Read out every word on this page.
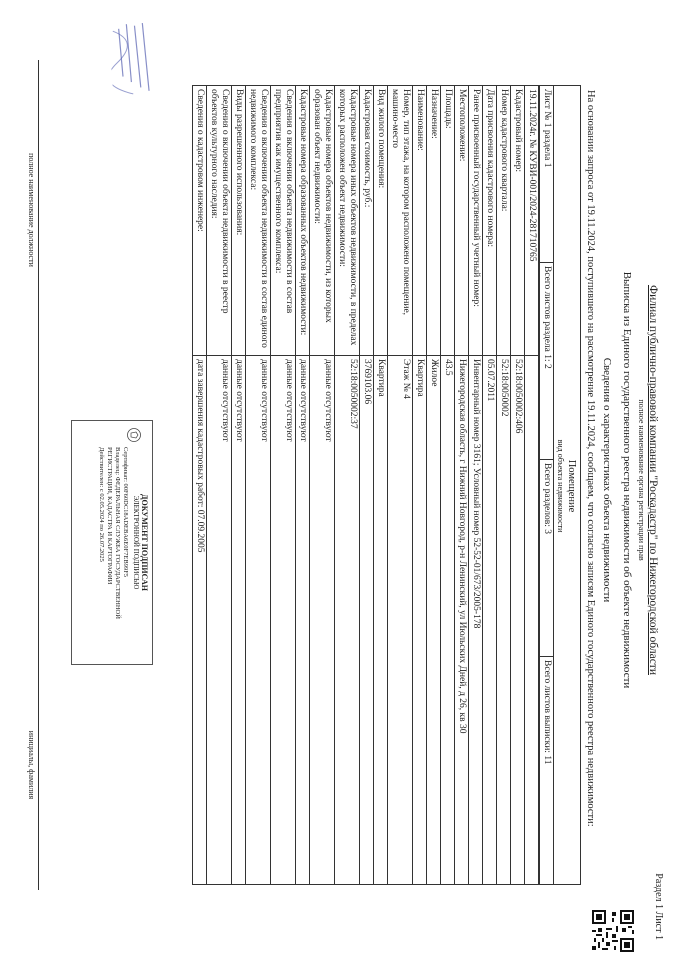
Раздел 1 Лист 1
Филиал публично-правовой компании "Роскадастр" по Нижегородской области
полное наименование органа регистрации прав
Выписка из Единого государственного реестра недвижимости об объекте недвижимости
Сведения о характеристиках объекта недвижимости
На основании запроса от 19.11.2024, поступившего на рассмотрение 19.11.2024, сообщаем, что согласно записям Единого государственного реестра недвижимости:
Помещение
вид объекта недвижимости
Лист № 1 раздела 1	Всего листов раздела 1: 2	Всего разделов: 3	Всего листов выписки: 11
19.11.2024г. № КУВИ-001/2024-281710765	
Кадастровый номер:	52:18:0050002:406
Номер кадастрового квартала:	52:18:0050002
Дата присвоения кадастрового номера:	05.07.2011
Ранее присвоенный государственный учетный номер:	Инвентарный номер 3161; Условный номер 52-52-01/673/2005-178
Местоположение:	Нижегородская область, г Нижний Новгород, р-н Ленинский, ул Июльских Дней, д 26, кв 30
Площадь:	43.5
Назначение:	Жилое
Наименование:	Квартира
Номер, тип этажа, на котором расположено помещение, машино-место	Этаж № 4
Вид жилого помещения:	Квартира
Кадастровая стоимость, руб.:	3769103.06
Кадастровые номера иных объектов недвижимости, в пределах которых расположен объект недвижимости:	52:18:0050002:37
Кадастровые номера объектов недвижимости, из которых образован объект недвижимости:	данные отсутствуют
Кадастровые номера образованных объектов недвижимости:	данные отсутствуют
Сведения о включении объекта недвижимости в состав предприятия как имущественного комплекса:	данные отсутствуют
Сведения о включении объекта недвижимости в состав единого недвижимого комплекса:	данные отсутствуют
Виды разрешенного использования:	данные отсутствуют
Сведения о включении объекта недвижимости в реестр объектов культурного наследия:	данные отсутствуют
Сведения о кадастровом инженере:	дата завершения кадастровых работ: 07.09.2005
ДОКУМЕНТ ПОДПИСАН
ЭЛЕКТРОННОЙ ПОДПИСЬЮ
Сертификат: 00F60DC18ADEBA6E0F7EB99F5
Владелец: ФЕДЕРАЛЬНАЯ СЛУЖБА ГОСУДАРСТВЕННОЙ
РЕГИСТРАЦИИ, КАДАСТРА И КАРТОГРАФИИ
Действителен: с 02.05.2024 по 26.07.2025
полное наименование должности
инициалы, фамилия
